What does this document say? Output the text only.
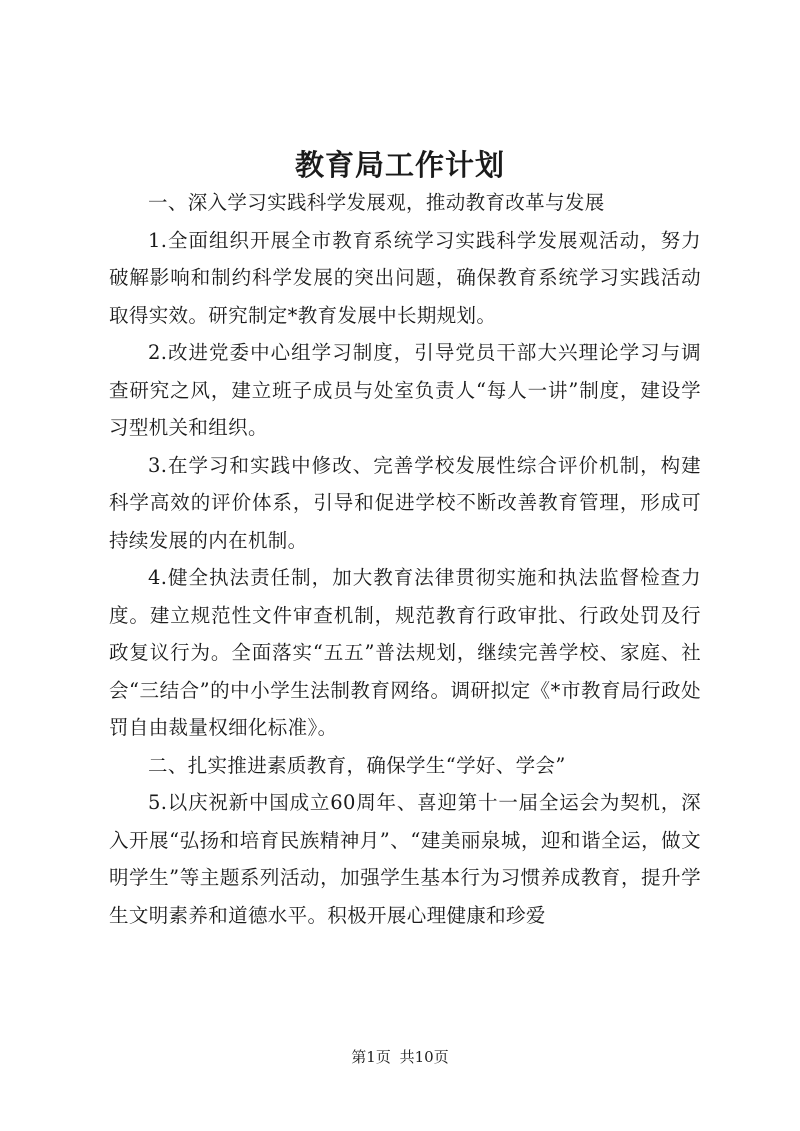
教育局工作计划

一、深入学习实践科学发展观，推动教育改革与发展

1.全面组织开展全市教育系统学习实践科学发展观活动，努力破解影响和制约科学发展的突出问题，确保教育系统学习实践活动取得实效。研究制定*教育发展中长期规划。

2.改进党委中心组学习制度，引导党员干部大兴理论学习与调查研究之风，建立班子成员与处室负责人“每人一讲”制度，建设学习型机关和组织。

3.在学习和实践中修改、完善学校发展性综合评价机制，构建科学高效的评价体系，引导和促进学校不断改善教育管理，形成可持续发展的内在机制。

4.健全执法责任制，加大教育法律贯彻实施和执法监督检查力度。建立规范性文件审查机制，规范教育行政审批、行政处罚及行政复议行为。全面落实“五五”普法规划，继续完善学校、家庭、社会“三结合”的中小学生法制教育网络。调研拟定《*市教育局行政处罚自由裁量权细化标准》。

二、扎实推进素质教育，确保学生“学好、学会”

5.以庆祝新中国成立60周年、喜迎第十一届全运会为契机，深入开展“弘扬和培育民族精神月”、“建美丽泉城，迎和谐全运，做文明学生”等主题系列活动，加强学生基本行为习惯养成教育，提升学生文明素养和道德水平。积极开展心理健康和珍爱

第1页 共10页
